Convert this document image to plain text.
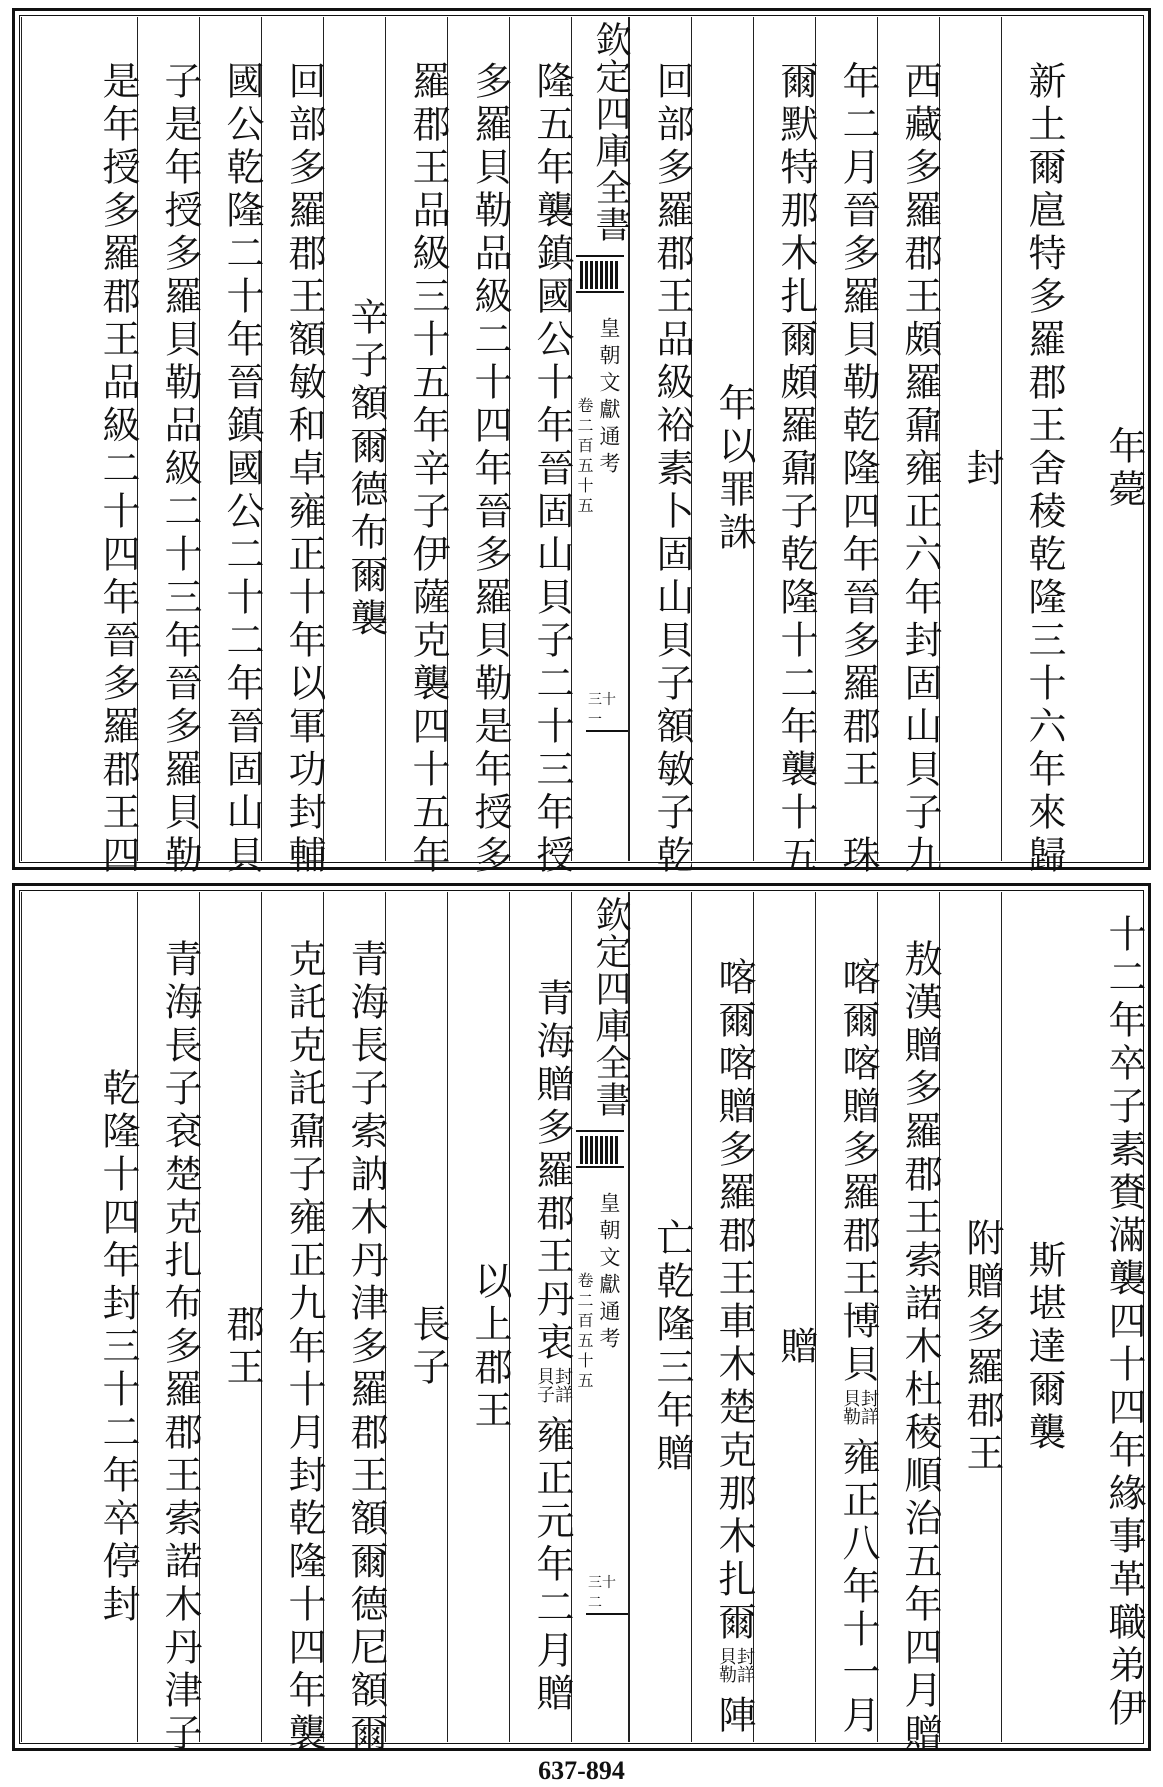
年薨
新土爾扈特多羅郡王舍稜乾隆三十六年來歸
封
西藏多羅郡王頗羅鼐雍正六年封固山貝子九
年二月晉多羅貝勒乾隆四年晉多羅郡王　珠
爾默特那木扎爾頗羅鼐子乾隆十二年襲十五
年以罪誅
回部多羅郡王品級裕素卜固山貝子額敏子乾
欽定四庫全書
皇朝文獻通考
卷二百五十五
三十一
隆五年襲鎮國公十年晉固山貝子二十三年授
多羅貝勒品級二十四年晉多羅貝勒是年授多
羅郡王品級三十五年辛子伊薩克襲四十五年
辛子額爾德布爾襲
回部多羅郡王額敏和卓雍正十年以軍功封輔
國公乾隆二十年晉鎮國公二十二年晉固山貝
子是年授多羅貝勒品級二十三年晉多羅貝勒
是年授多羅郡王品級二十四年晉多羅郡王四
十二年卒子素賚滿襲四十四年緣事革職弟伊
斯堪達爾襲
附贈多羅郡王
敖漢贈多羅郡王索諾木杜稜順治五年四月贈
喀爾喀贈多羅郡王博貝
封詳
貝勒
雍正八年十一月
贈
喀爾喀贈多羅郡王車木楚克那木扎爾
封詳
貝勒
陣
亡乾隆三年贈
欽定四庫全書
皇朝文獻通考
卷二百五十五
三十二
青海贈多羅郡王丹衷
封詳
貝子
雍正元年二月贈
以上郡王
長子
青海長子索訥木丹津多羅郡王額爾德尼額爾
克託克託鼐子雍正九年十月封乾隆十四年襲
郡王
青海長子袞楚克扎布多羅郡王索諾木丹津子
乾隆十四年封三十二年卒停封
637-894
